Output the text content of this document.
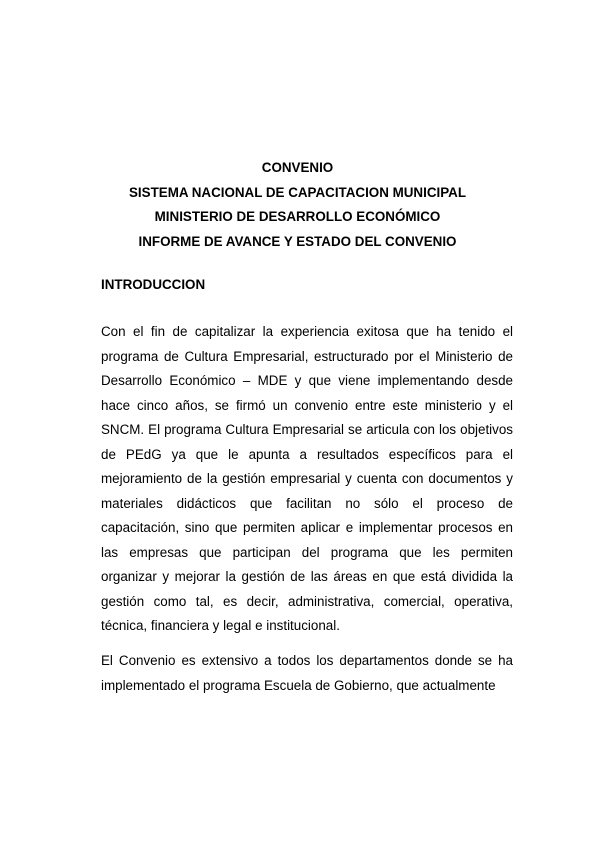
CONVENIO
SISTEMA NACIONAL DE CAPACITACION MUNICIPAL
MINISTERIO DE DESARROLLO ECONÓMICO
INFORME DE AVANCE Y ESTADO DEL CONVENIO
INTRODUCCION
Con el fin de capitalizar la experiencia exitosa que ha tenido el programa de Cultura Empresarial, estructurado por el Ministerio de Desarrollo Económico – MDE y que viene implementando desde hace cinco años, se firmó un convenio entre este ministerio y el SNCM. El programa Cultura Empresarial se articula con los objetivos de PEdG ya que le apunta a resultados específicos para el mejoramiento de la gestión empresarial y cuenta con documentos y materiales didácticos que facilitan no sólo el proceso de capacitación, sino que permiten aplicar e implementar procesos en las empresas que participan del programa que les permiten organizar y mejorar la gestión de las áreas en que está dividida la gestión como tal, es decir, administrativa, comercial, operativa, técnica, financiera y legal e institucional.
El Convenio es extensivo a todos los departamentos donde se ha implementado el programa Escuela de Gobierno, que actualmente
